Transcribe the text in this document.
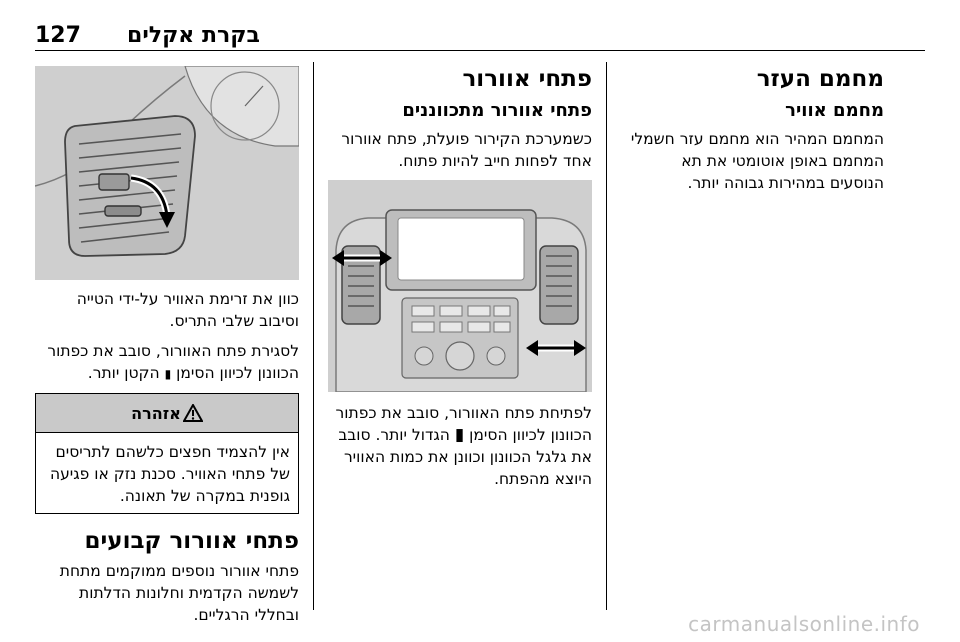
127 בקרת אקלים
מחמם העזר
מחמם אוויר
המחמם המהיר הוא מחמם עזר חשמלי המחמם באופן אוטומטי את תא הנוסעים במהירות גבוהה יותר.
פתחי אוורור
פתחי אוורור מתכווננים
כשמערכת הקירור פועלת, פתח אוורור אחד לפחות חייב להיות פתוח.
לפתיחת פתח האוורור, סובב את כפתור הכוונון לכיוון הסימן ▮ הגדול יותר. סובב את גלגל הכוונון וכוונן את כמות האוויר היוצא מהפתח.
כוון את זרימת האוויר על-ידי הטייה וסיבוב שלבי התריס.
לסגירת פתח האוורור, סובב את כפתור הכוונון לכיוון הסימן ▮ הקטן יותר.
אזהרה
אין להצמיד חפצים כלשהם לתריסים של פתחי האוויר. סכנת נזק או פגיעה גופנית במקרה של תאונה.
פתחי אוורור קבועים
פתחי אוורור נוספים ממוקמים מתחת לשמשה הקדמית וחלונות הדלתות ובחללי הרגליים.	carmanualsonline.info
